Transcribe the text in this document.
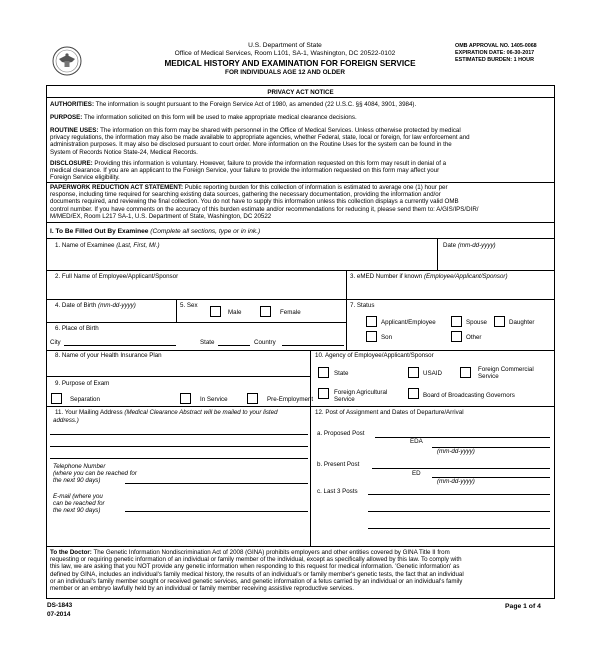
U.S. Department of State
Office of Medical Services, Room L101, SA-1, Washington, DC 20522-0102
MEDICAL HISTORY AND EXAMINATION FOR FOREIGN SERVICE
FOR INDIVIDUALS AGE 12 AND OLDER
OMB APPROVAL NO. 1405-0068
EXPIRATION DATE: 06-30-2017
ESTIMATED BURDEN: 1 HOUR
PRIVACY ACT NOTICE
AUTHORITIES: The information is sought pursuant to the Foreign Service Act of 1980, as amended (22 U.S.C. §§ 4084, 3901, 3984).
PURPOSE: The information solicited on this form will be used to make appropriate medical clearance decisions.
ROUTINE USES: The information on this form may be shared with personnel in the Office of Medical Services. Unless otherwise protected by medical
privacy regulations, the information may also be made available to appropriate agencies, whether Federal, state, local or foreign, for law enforcement and
administration purposes. It may also be disclosed pursuant to court order. More information on the Routine Uses for the system can be found in the
System of Records Notice State-24, Medical Records.
DISCLOSURE: Providing this information is voluntary. However, failure to provide the information requested on this form may result in denial of a
medical clearance. If you are an applicant to the Foreign Service, your failure to provide the information requested on this form may affect your
Foreign Service eligibility.
PAPERWORK REDUCTION ACT STATEMENT: Public reporting burden for this collection of information is estimated to average one (1) hour per
response, including time required for searching existing data sources, gathering the necessary documentation, providing the information and/or
documents required, and reviewing the final collection. You do not have to supply this information unless this collection displays a currently valid OMB
control number. If you have comments on the accuracy of this burden estimate and/or recommendations for reducing it, please send them to: A/GIS/IPS/DIR/
M/MED/EX, Room L217 SA-1, U.S. Department of State, Washington, DC 20522
I. To Be Filled Out By Examinee (Complete all sections, type or in ink.)
1. Name of Examinee (Last, First, MI.)	Date (mm-dd-yyyy)
2. Full Name of Employee/Applicant/Sponsor	3. eMED Number if known (Employee/Applicant/Sponsor)
4. Date of Birth (mm-dd-yyyy)	5. Sex
Male	Female
7. Status
Applicant/Employee	Spouse	Daughter
Son	Other
6. Place of Birth
City	State	Country
8. Name of your Health Insurance Plan	10. Agency of Employee/Applicant/Sponsor
State	USAID
Foreign Commercial
Service
Foreign Agricultural
Service
Board of Broadcasting Governors
9. Purpose of Exam
Separation	In Service	Pre-Employment
11. Your Mailing Address (Medical Clearance Abstract will be mailed to your listed
address.)
Telephone Number
(where you can be reached for
the next 90 days)
E-mail (where you
can be reached for
the next 90 days)
12. Post of Assignment and Dates of Departure/Arrival
a. Proposed Post
EDA
(mm-dd-yyyy)
b. Present Post
ED
(mm-dd-yyyy)
c. Last 3 Posts
To the Doctor: The Genetic Information Nondiscrimination Act of 2008 (GINA) prohibits employers and other entities covered by GINA Title II from
requesting or requiring genetic information of an individual or family member of the individual, except as specifically allowed by this law. To comply with
this law, we are asking that you NOT provide any genetic information when responding to this request for medical information. 'Genetic information' as
defined by GINA, includes an individual's family medical history, the results of an individual's or family member's genetic tests, the fact that an individual
or an individual's family member sought or received genetic services, and genetic information of a fetus carried by an individual or an individual's family
member or an embryo lawfully held by an individual or family member receiving assistive reproductive services.
DS-1843
07-2014
Page 1 of 4
